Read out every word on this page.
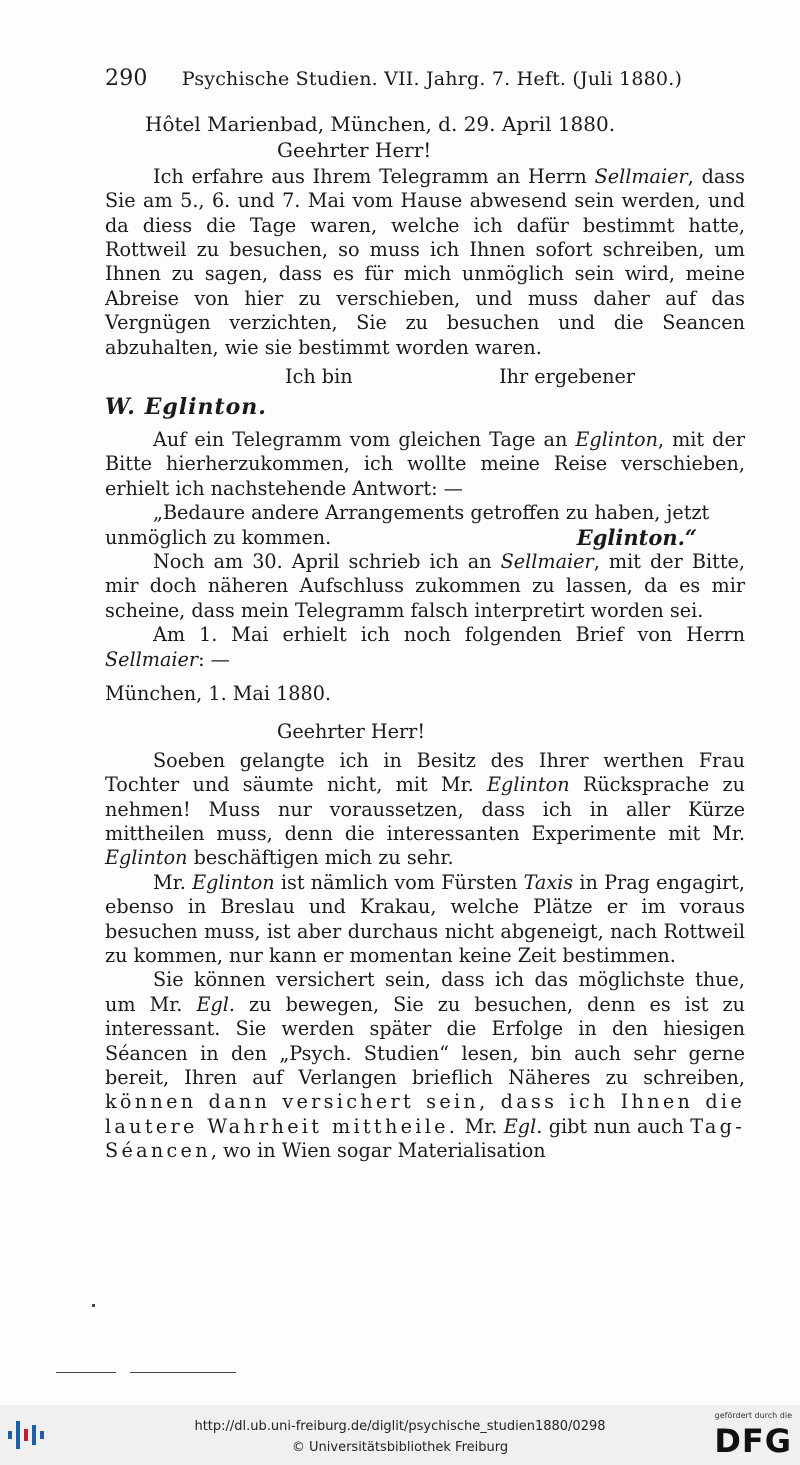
290 Psychische Studien. VII. Jahrg. 7. Heft. (Juli 1880.)

Hôtel Marienbad, München, d. 29. April 1880.

Geehrter Herr!

Ich erfahre aus Ihrem Telegramm an Herrn Sellmaier, dass Sie am 5., 6. und 7. Mai vom Hause abwesend sein werden, und da diess die Tage waren, welche ich dafür bestimmt hatte, Rottweil zu besuchen, so muss ich Ihnen sofort schreiben, um Ihnen zu sagen, dass es für mich unmöglich sein wird, meine Abreise von hier zu verschieben, und muss daher auf das Vergnügen verzichten, Sie zu besuchen und die Seancen abzuhalten, wie sie bestimmt worden waren.

Ich bin	Ihr ergebener

W. Eglinton.

Auf ein Telegramm vom gleichen Tage an Eglinton, mit der Bitte hierherzukommen, ich wollte meine Reise verschieben, erhielt ich nachstehende Antwort: —

„Bedaure andere Arrangements getroffen zu haben, jetzt

unmöglich zu kommen.	Eglinton.“

Noch am 30. April schrieb ich an Sellmaier, mit der Bitte, mir doch näheren Aufschluss zukommen zu lassen, da es mir scheine, dass mein Telegramm falsch interpretirt worden sei.

Am 1. Mai erhielt ich noch folgenden Brief von Herrn Sellmaier: —

München, 1. Mai 1880.

Geehrter Herr!

Soeben gelangte ich in Besitz des Ihrer werthen Frau Tochter und säumte nicht, mit Mr. Eglinton Rücksprache zu nehmen! Muss nur voraussetzen, dass ich in aller Kürze mittheilen muss, denn die interessanten Experimente mit Mr. Eglinton beschäftigen mich zu sehr.

Mr. Eglinton ist nämlich vom Fürsten Taxis in Prag engagirt, ebenso in Breslau und Krakau, welche Plätze er im voraus besuchen muss, ist aber durchaus nicht abgeneigt, nach Rottweil zu kommen, nur kann er momentan keine Zeit bestimmen.

Sie können versichert sein, dass ich das möglichste thue, um Mr. Egl. zu bewegen, Sie zu besuchen, denn es ist zu interessant. Sie werden später die Erfolge in den hiesigen Séancen in den „Psych. Studien“ lesen, bin auch sehr gerne bereit, Ihren auf Verlangen brieflich Näheres zu schreiben, können dann versichert sein, dass ich Ihnen die lautere Wahrheit mittheile. Mr. Egl. gibt nun auch Tag-Séancen, wo in Wien sogar Materialisation

http://dl.ub.uni-freiburg.de/diglit/psychische_studien1880/0298
© Universitätsbibliothek Freiburg
gefördert durch die
DFG
